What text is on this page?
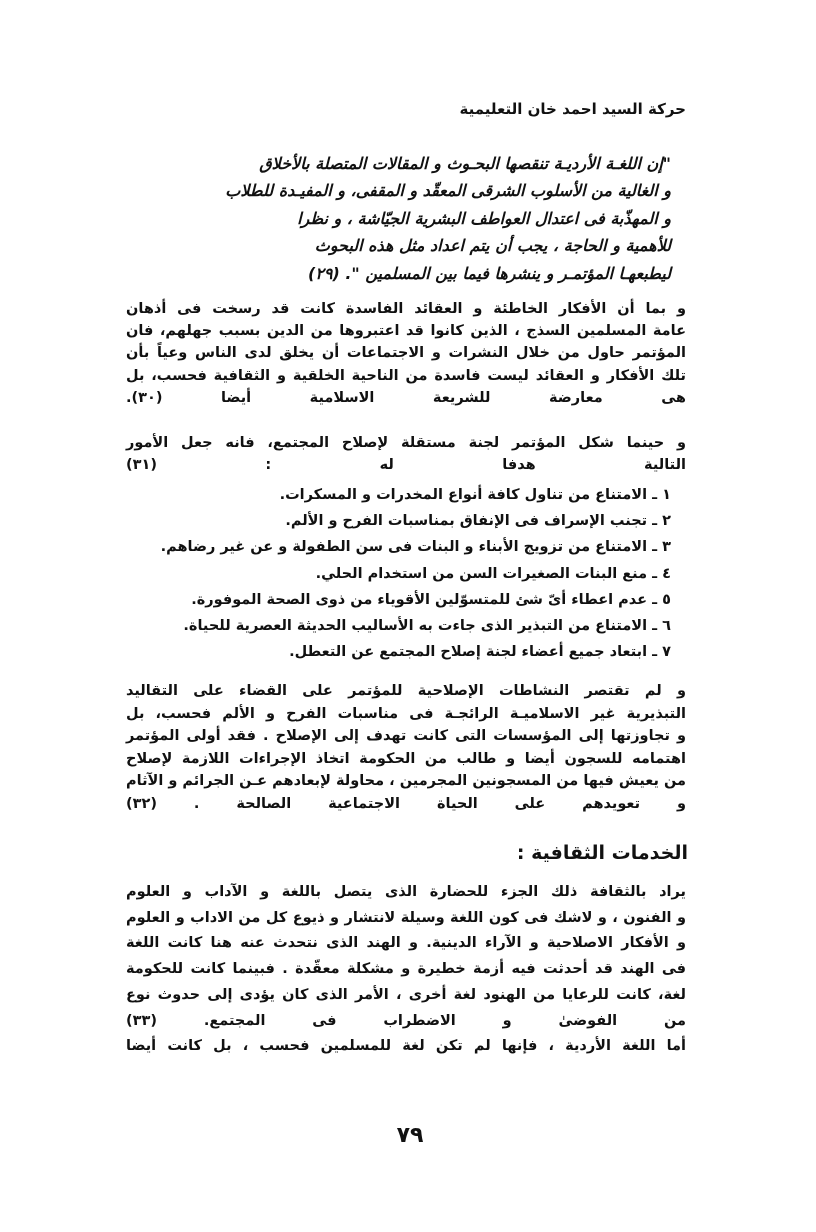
حركة السيد احمد خان التعليمية
"إن اللغـة الأرديـة تنقصها البحـوث و المقالات المتصلة بالأخلاق
و الغالية من الأسلوب الشرقى المعقّد و المقفى، و المفيـدة للطلاب
و المهذّبة فى اعتدال العواطف البشرية الجيّاشة ، و نظرا
للأهمية و الحاجة ، يجب أن يتم اعداد مثل هذه البحوث
ليطبعهـا المؤتمـر و ينشرها فيما بين المسلمين ". (٢٩)
و بما أن الأفكار الخاطئة و العقائد الفاسدة كانت قد رسخت فى أذهان
عامة المسلمين السذج ، الذين كانوا قد اعتبروها من الدين بسبب جهلهم، فان
المؤتمر حاول من خلال النشرات و الاجتماعات أن يخلق لدى الناس وعياً بأن
تلك الأفكار و العقائد ليست فاسدة من الناحية الخلقية و الثقافية فحسب، بل
هى معارضة للشريعة الاسلامية أيضا (٣٠).
و حينما شكل المؤتمر لجنة مستقلة لإصلاح المجتمع، فانه جعل الأمور
التالية هدفا له : (٣١)
١ ـ الامتناع من تناول كافة أنواع المخدرات و المسكرات.
٢ ـ تجنب الإسراف فى الإنفاق بمناسبات الفرح و الألم.
٣ ـ الامتناع من تزويج الأبناء و البنات فى سن الطفولة و عن غير رضاهم.
٤ ـ منع البنات الصغيرات السن من استخدام الحلي.
٥ ـ عدم اعطاء أىّ شئ للمتسوّلين الأقوياء من ذوى الصحة الموفورة.
٦ ـ الامتناع من التبذير الذى جاءت به الأساليب الحديثة العصرية للحياة.
٧ ـ ابتعاد جميع أعضاء لجنة إصلاح المجتمع عن التعطل.
و لم تقتصر النشاطات الإصلاحية للمؤتمر على القضاء على التقاليد
التبذيرية غير الاسلاميـة الرائجـة فى مناسبات الفرح و الألم فحسب، بل
و تجاوزتها إلى المؤسسات التى كانت تهدف إلى الإصلاح . فقد أولى المؤتمر
اهتمامه للسجون أيضا و طالب من الحكومة اتخاذ الإجراءات اللازمة لإصلاح
من يعيش فيها من المسجونين المجرمين ، محاولة لإبعادهم عـن الجرائم و الآثام
و تعويدهم على الحياة الاجتماعية الصالحة . (٣٢)
الخدمات الثقافية :
يراد بالثقافة ذلك الجزء للحضارة الذى يتصل باللغة و الآداب و العلوم
و الفنون ، و لاشك فى كون اللغة وسيلة لانتشار و ذيوع كل من الاداب و العلوم
و الأفكار الاصلاحية و الآراء الدينية. و الهند الذى نتحدث عنه هنا كانت اللغة
فى الهند قد أحدثت فيه أزمة خطيرة و مشكلة معقّدة . فبينما كانت للحكومة
لغة، كانت للرعايا من الهنود لغة أخرى ، الأمر الذى كان يؤدى إلى حدوث نوع
من الفوضىٰ و الاضطراب فى المجتمع. (٣٣)
أما اللغة الأردية ، فإنها لم تكن لغة للمسلمين فحسب ، بل كانت أيضا
٧٩
